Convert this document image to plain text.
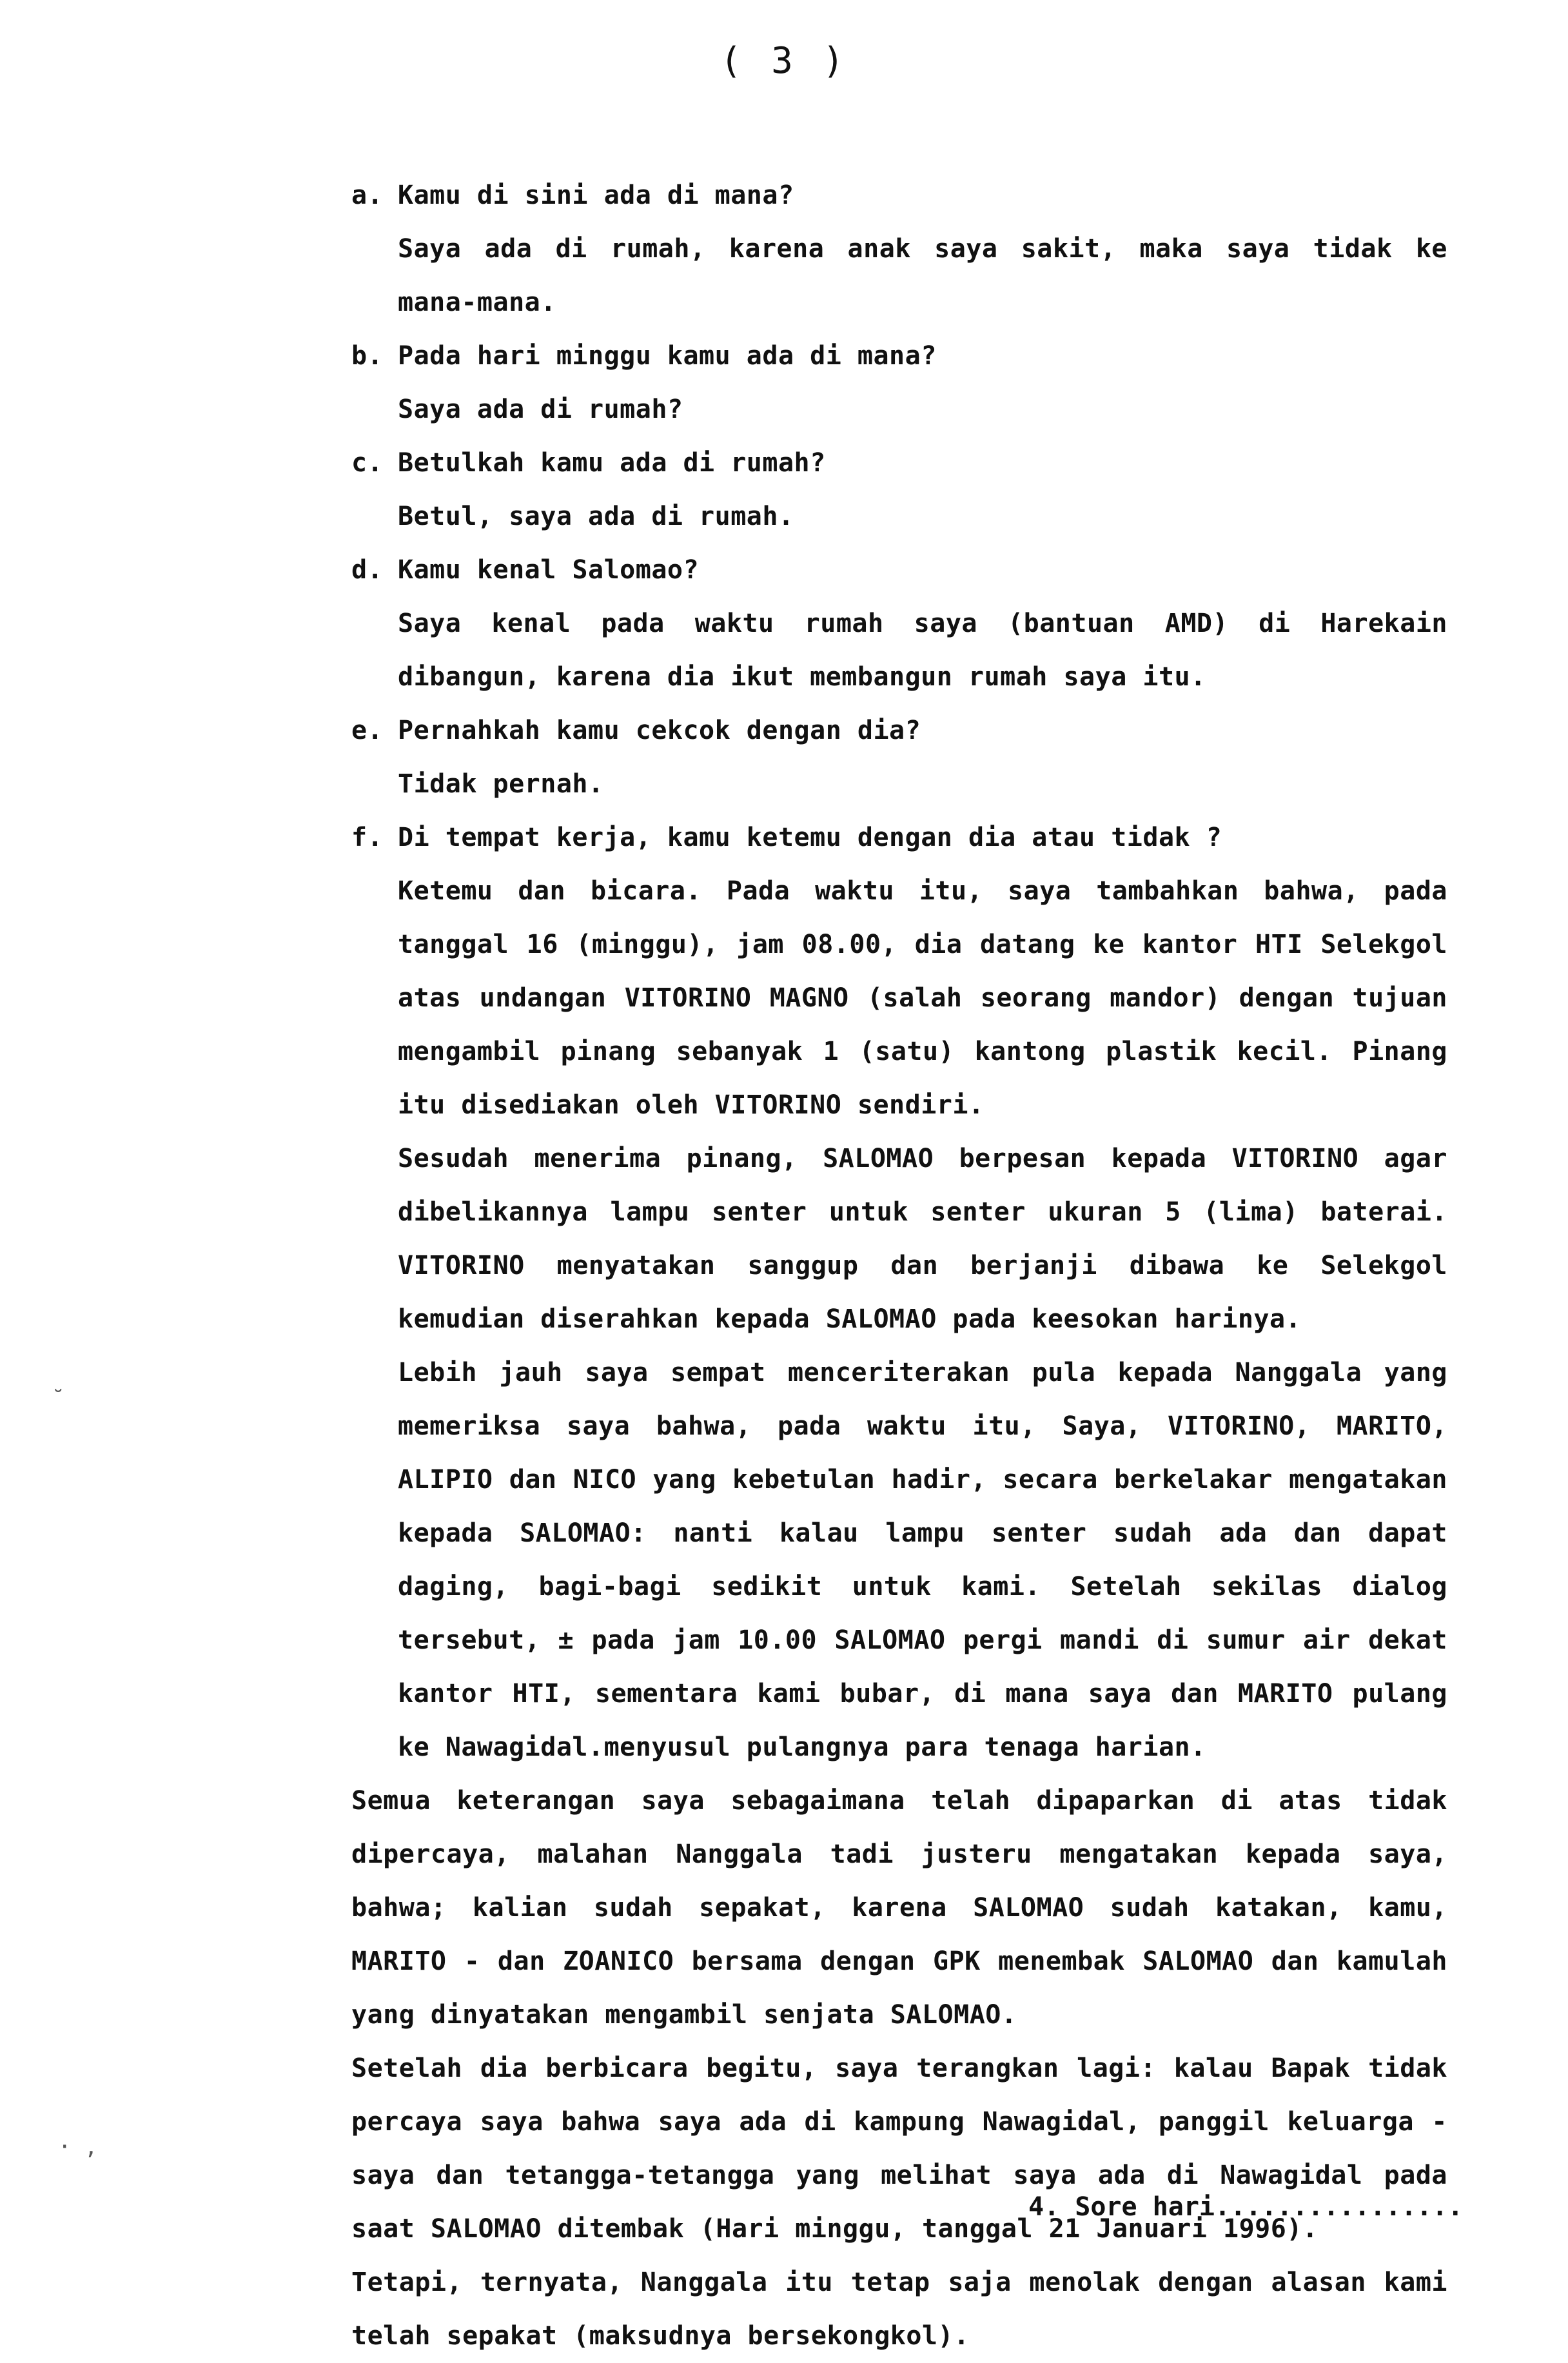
( 3 )
a. Kamu di sini ada di mana?
Saya ada di rumah, karena anak saya sakit, maka saya tidak ke mana-mana.
b. Pada hari minggu kamu ada di mana?
Saya ada di rumah?
c. Betulkah kamu ada di rumah?
Betul, saya ada di rumah.
d. Kamu kenal Salomao?
Saya kenal pada waktu rumah saya (bantuan AMD) di Harekain dibangun, karena dia ikut membangun rumah saya itu.
e. Pernahkah kamu cekcok dengan dia?
Tidak pernah.
f. Di tempat kerja, kamu ketemu dengan dia atau tidak ?
Ketemu dan bicara. Pada waktu itu, saya tambahkan bahwa, pada tanggal 16 (minggu), jam 08.00, dia datang ke kantor HTI Selekgol atas undangan VITORINO MAGNO (salah seorang mandor) dengan tujuan mengambil pinang sebanyak 1 (satu) kantong plastik kecil. Pinang itu disediakan oleh VITORINO sendiri.
Sesudah menerima pinang, SALOMAO berpesan kepada VITORINO agar dibelikannya lampu senter untuk senter ukuran 5 (lima) baterai. VITORINO menyatakan sanggup dan berjanji dibawa ke Selekgol kemudian diserahkan kepada SALOMAO pada keesokan harinya.
Lebih jauh saya sempat menceriterakan pula kepada Nanggala yang memeriksa saya bahwa, pada waktu itu, Saya, VITORINO, MARITO, ALIPIO dan NICO yang kebetulan hadir, secara berkelakar mengatakan kepada SALOMAO: nanti kalau lampu senter sudah ada dan dapat daging, bagi-bagi sedikit untuk kami. Setelah sekilas dialog tersebut, ± pada jam 10.00 SALOMAO pergi mandi di sumur air dekat kantor HTI, sementara kami bubar, di mana saya dan MARITO pulang ke Nawagidal.menyusul pulangnya para tenaga harian.
Semua keterangan saya sebagaimana telah dipaparkan di atas tidak dipercaya, malahan Nanggala tadi justeru mengatakan kepada saya, bahwa; kalian sudah sepakat, karena SALOMAO sudah katakan, kamu, MARITO - dan ZOANICO bersama dengan GPK menembak SALOMAO dan kamulah yang dinyatakan mengambil senjata SALOMAO.
Setelah dia berbicara begitu, saya terangkan lagi: kalau Bapak tidak percaya saya bahwa saya ada di kampung Nawagidal, panggil keluarga - saya dan tetangga-tetangga yang melihat saya ada di Nawagidal pada saat SALOMAO ditembak (Hari minggu, tanggal 21 Januari 1996).
Tetapi, ternyata, Nanggala itu tetap saja menolak dengan alasan kami telah sepakat (maksudnya bersekongkol).
4. Sore hari................
· ,
˘
